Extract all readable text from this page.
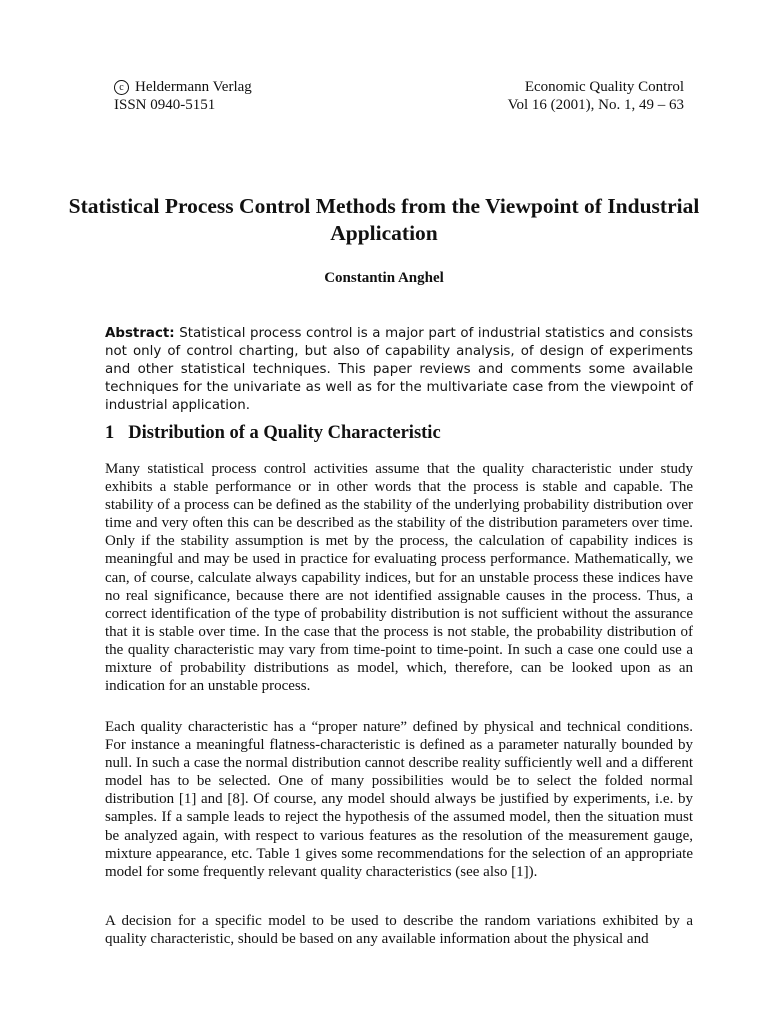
c Heldermann Verlag
ISSN 0940-5151
Economic Quality Control
Vol 16 (2001), No. 1, 49 – 63
Statistical Process Control Methods from the Viewpoint of Industrial Application
Constantin Anghel
Abstract: Statistical process control is a major part of industrial statistics and consists not only of control charting, but also of capability analysis, of design of experiments and other statistical techniques. This paper reviews and comments some available techniques for the univariate as well as for the multivariate case from the viewpoint of industrial application.
1 Distribution of a Quality Characteristic

Many statistical process control activities assume that the quality characteristic under study exhibits a stable performance or in other words that the process is stable and capable. The stability of a process can be defined as the stability of the underlying probability distribution over time and very often this can be described as the stability of the distribution parameters over time. Only if the stability assumption is met by the process, the calculation of capability indices is meaningful and may be used in practice for evaluating process performance. Mathematically, we can, of course, calculate always capability indices, but for an unstable process these indices have no real significance, because there are not identified assignable causes in the process. Thus, a correct identification of the type of probability distribution is not sufficient without the assurance that it is stable over time. In the case that the process is not stable, the probability distribution of the quality characteristic may vary from time-point to time-point. In such a case one could use a mixture of probability distributions as model, which, therefore, can be looked upon as an indication for an unstable process.

Each quality characteristic has a “proper nature” defined by physical and technical conditions. For instance a meaningful flatness-characteristic is defined as a parameter naturally bounded by null. In such a case the normal distribution cannot describe reality sufficiently well and a different model has to be selected. One of many possibilities would be to select the folded normal distribution [1] and [8]. Of course, any model should always be justified by experiments, i.e. by samples. If a sample leads to reject the hypothesis of the assumed model, then the situation must be analyzed again, with respect to various features as the resolution of the measurement gauge, mixture appearance, etc. Table 1 gives some recommendations for the selection of an appropriate model for some frequently relevant quality characteristics (see also [1]).

A decision for a specific model to be used to describe the random variations exhibited by a quality characteristic, should be based on any available information about the physical and
